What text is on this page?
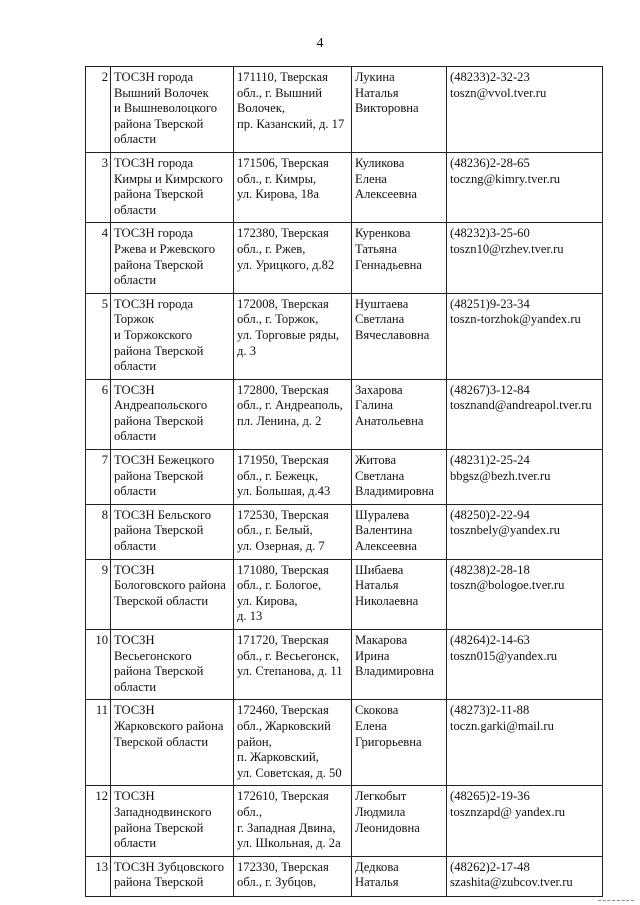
4
2	ТОСЗН города
Вышний Волочек
и Вышневолоцкого
района Тверской
области	171110, Тверская
обл., г. Вышний
Волочек,
пр. Казанский, д. 17	Лукина
Наталья
Викторовна	(48233)2-32-23
toszn@vvol.tver.ru
3	ТОСЗН города
Кимры и Кимрского
района Тверской
области	171506, Тверская
обл., г. Кимры,
ул. Кирова, 18а	Куликова
Елена
Алексеевна	(48236)2-28-65
toczng@kimry.tver.ru
4	ТОСЗН города
Ржева и Ржевского
района Тверской
области	172380, Тверская
обл., г. Ржев,
ул. Урицкого, д.82	Куренкова
Татьяна
Геннадьевна	(48232)3-25-60
toszn10@rzhev.tver.ru
5	ТОСЗН города
Торжок
и Торжокского
района Тверской
области	172008, Тверская
обл., г. Торжок,
ул. Торговые ряды,
д. 3	Нуштаева
Светлана
Вячеславовна	(48251)9-23-34
toszn-torzhok@yandex.ru
6	ТОСЗН
Андреапольского
района Тверской
области	172800, Тверская
обл., г. Андреаполь,
пл. Ленина, д. 2	Захарова
Галина
Анатольевна	(48267)3-12-84
tosznand@andreapol.tver.ru
7	ТОСЗН Бежецкого
района Тверской
области	171950, Тверская
обл., г. Бежецк,
ул. Большая, д.43	Житова
Светлана
Владимировна	(48231)2-25-24
bbgsz@bezh.tver.ru
8	ТОСЗН Бельского
района Тверской
области	172530, Тверская
обл., г. Белый,
ул. Озерная, д. 7	Шуралева
Валентина
Алексеевна	(48250)2-22-94
tosznbely@yandex.ru
9	ТОСЗН
Бологовского района
Тверской области	171080, Тверская
обл., г. Бологое,
ул. Кирова,
д. 13	Шибаева
Наталья
Николаевна	(48238)2-28-18
toszn@bologoe.tver.ru
10	ТОСЗН
Весьегонского
района Тверской
области	171720, Тверская
обл., г. Весьегонск,
ул. Степанова, д. 11	Макарова
Ирина
Владимировна	(48264)2-14-63
toszn015@yandex.ru
11	ТОСЗН
Жарковского района
Тверской области	172460, Тверская
обл., Жарковский
район,
п. Жарковский,
ул. Советская, д. 50	Скокова
Елена
Григорьевна	(48273)2-11-88
toczn.garki@mail.ru
12	ТОСЗН
Западнодвинского
района Тверской
области	172610, Тверская
обл.,
г. Западная Двина,
ул. Школьная, д. 2а	Легкобыт
Людмила
Леонидовна	(48265)2-19-36
tosznzapd@ yandex.ru
13	ТОСЗН Зубцовского
района Тверской	172330, Тверская
обл., г. Зубцов,	Дедкова
Наталья	(48262)2-17-48
szashita@zubcov.tver.ru
